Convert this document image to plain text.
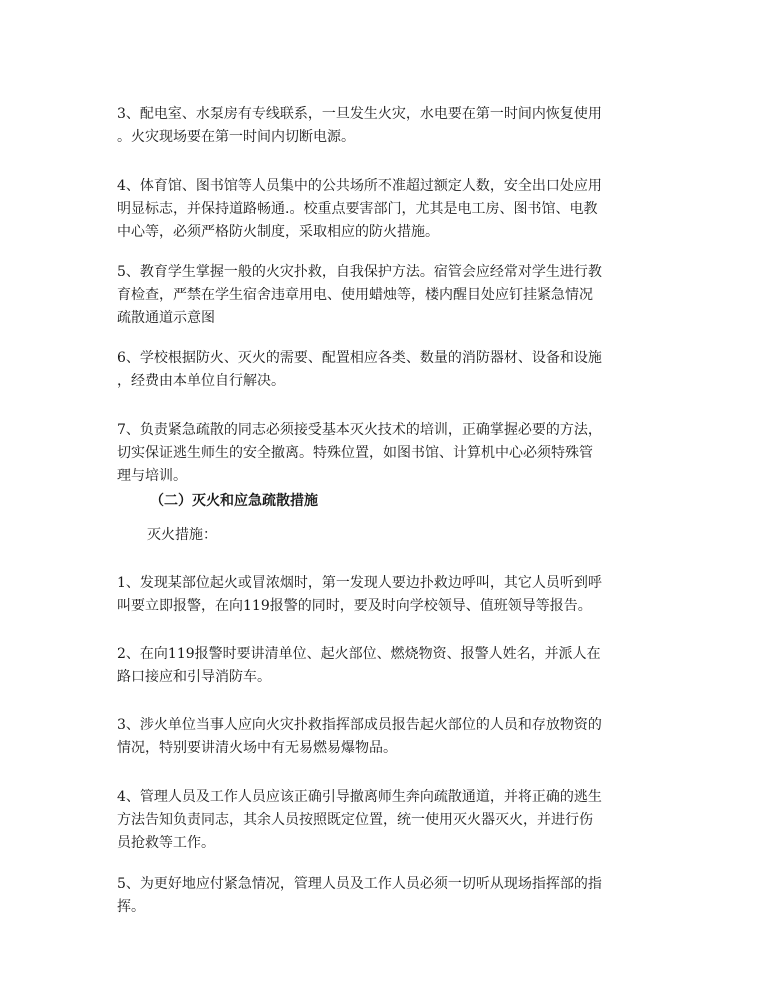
3、配电室、水泵房有专线联系，一旦发生火灾，水电要在第一时间内恢复使用
。火灾现场要在第一时间内切断电源。
4、体育馆、图书馆等人员集中的公共场所不准超过额定人数，安全出口处应用
明显标志，并保持道路畅通.。校重点要害部门，尤其是电工房、图书馆、电教
中心等，必须严格防火制度，采取相应的防火措施。
5、教育学生掌握一般的火灾扑救，自我保护方法。宿管会应经常对学生进行教
育检查，严禁在学生宿舍违章用电、使用蜡烛等，楼内醒目处应钉挂紧急情况
疏散通道示意图
6、学校根据防火、灭火的需要、配置相应各类、数量的消防器材、设备和设施
，经费由本单位自行解决。
7、负责紧急疏散的同志必须接受基本灭火技术的培训，正确掌握必要的方法，
切实保证逃生师生的安全撤离。特殊位置，如图书馆、计算机中心必须特殊管
理与培训。
（二）灭火和应急疏散措施
灭火措施：
1、发现某部位起火或冒浓烟时，第一发现人要边扑救边呼叫，其它人员听到呼
叫要立即报警，在向119报警的同时，要及时向学校领导、值班领导等报告。
2、在向119报警时要讲清单位、起火部位、燃烧物资、报警人姓名，并派人在
路口接应和引导消防车。
3、涉火单位当事人应向火灾扑救指挥部成员报告起火部位的人员和存放物资的
情况，特别要讲清火场中有无易燃易爆物品。
4、管理人员及工作人员应该正确引导撤离师生奔向疏散通道，并将正确的逃生
方法告知负责同志，其余人员按照既定位置，统一使用灭火器灭火，并进行伤
员抢救等工作。
5、为更好地应付紧急情况，管理人员及工作人员必须一切听从现场指挥部的指
挥。
